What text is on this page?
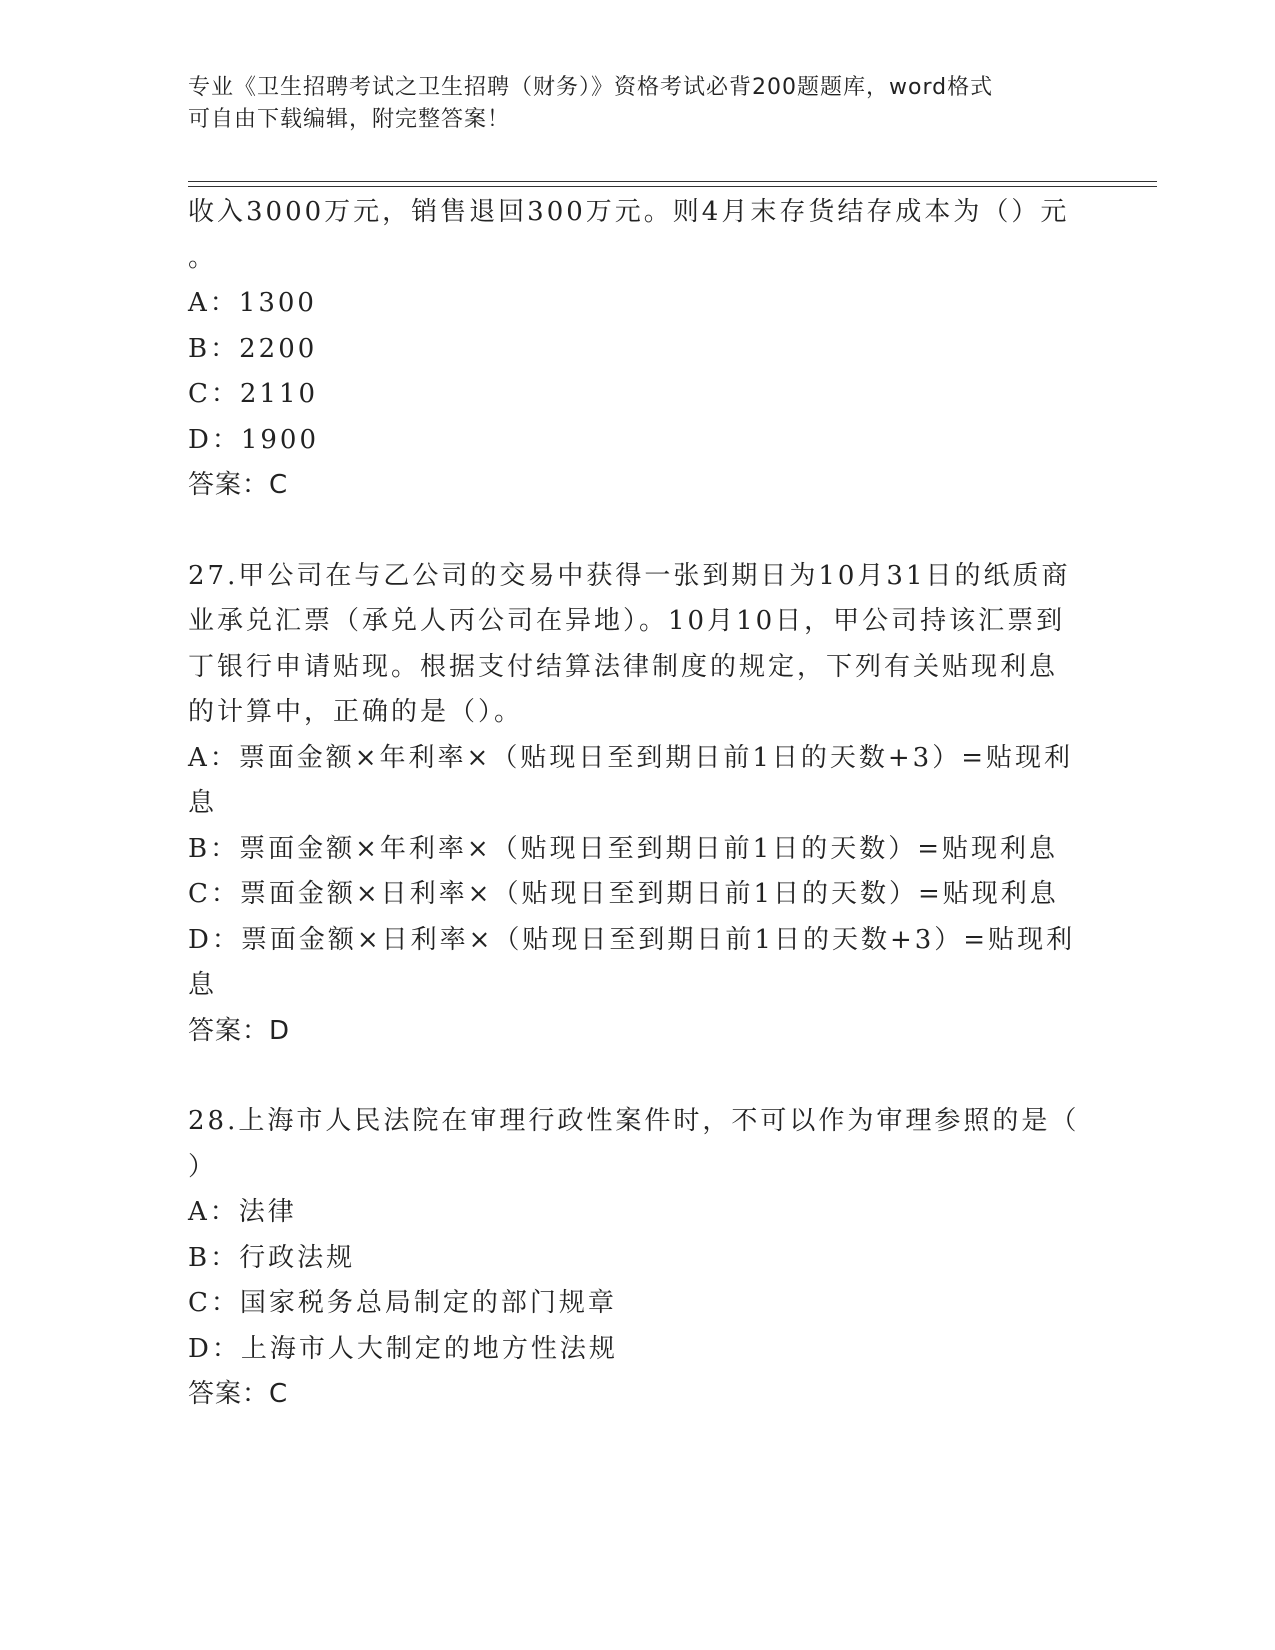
专业《卫生招聘考试之卫生招聘（财务）》资格考试必背200题题库，word格式
可自由下载编辑，附完整答案！
收入3000万元，销售退回300万元。则4月末存货结存成本为（）元
。
A：1300
B：2200
C：2110
D：1900
答案：C
27.甲公司在与乙公司的交易中获得一张到期日为10月31日的纸质商
业承兑汇票（承兑人丙公司在异地）。10月10日，甲公司持该汇票到
丁银行申请贴现。根据支付结算法律制度的规定，下列有关贴现利息
的计算中，正确的是（）。
A：票面金额×年利率×（贴现日至到期日前1日的天数+3）=贴现利
息
B：票面金额×年利率×（贴现日至到期日前1日的天数）=贴现利息
C：票面金额×日利率×（贴现日至到期日前1日的天数）=贴现利息
D：票面金额×日利率×（贴现日至到期日前1日的天数+3）=贴现利
息
答案：D
28.上海市人民法院在审理行政性案件时，不可以作为审理参照的是（
）
A：法律
B：行政法规
C：国家税务总局制定的部门规章
D：上海市人大制定的地方性法规
答案：C
